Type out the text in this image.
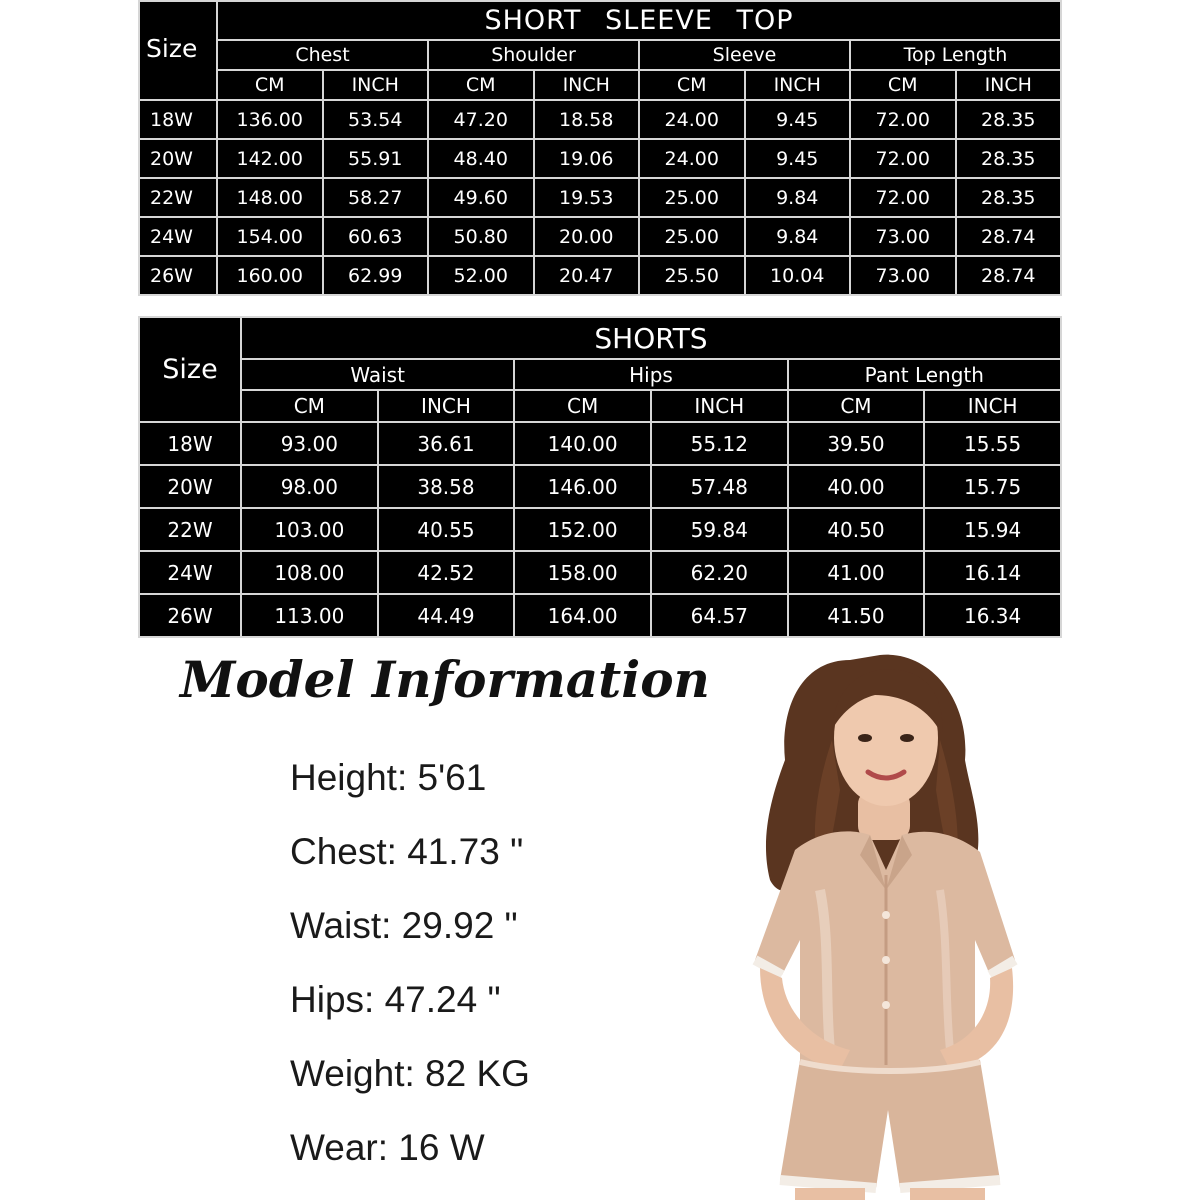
Size	SHORT SLEEVE TOP							
	Chest		Shoulder		Sleeve		Top Length	
	CM	INCH	CM	INCH	CM	INCH	CM	INCH
18W	136.00	53.54	47.20	18.58	24.00	9.45	72.00	28.35
20W	142.00	55.91	48.40	19.06	24.00	9.45	72.00	28.35
22W	148.00	58.27	49.60	19.53	25.00	9.84	72.00	28.35
24W	154.00	60.63	50.80	20.00	25.00	9.84	73.00	28.74
26W	160.00	62.99	52.00	20.47	25.50	10.04	73.00	28.74
Size	SHORTS					
	Waist		Hips		Pant Length	
	CM	INCH	CM	INCH	CM	INCH
18W	93.00	36.61	140.00	55.12	39.50	15.55
20W	98.00	38.58	146.00	57.48	40.00	15.75
22W	103.00	40.55	152.00	59.84	40.50	15.94
24W	108.00	42.52	158.00	62.20	41.00	16.14
26W	113.00	44.49	164.00	64.57	41.50	16.34
Model Information
Height: 5'61
Chest: 41.73 "
Waist: 29.92 "
Hips: 47.24 "
Weight: 82 KG
Wear: 16 W
